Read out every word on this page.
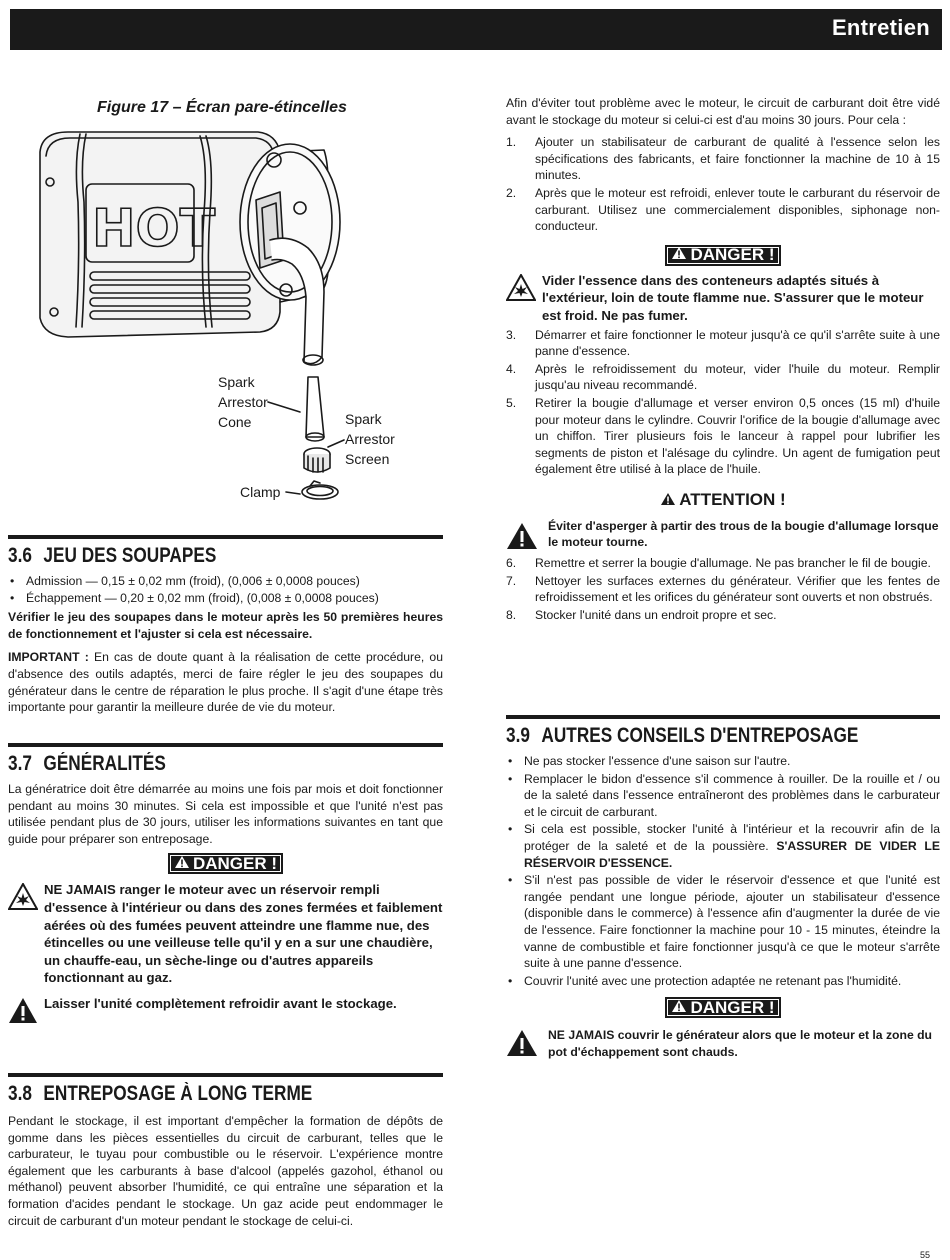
Entretien
Figure 17 – Écran pare-étincelles
HOT
Spark
Arrestor
Cone	Spark
Arrestor
Screen
Clamp
3.6 JEU DES SOUPAPES
• Admission — 0,15 ± 0,02 mm (froid), (0,006 ± 0,0008 pouces)
• Échappement — 0,20 ± 0,02 mm (froid), (0,008 ± 0,0008 pouces)

Vérifier le jeu des soupapes dans le moteur après les 50 premières heures de fonctionnement et l'ajuster si cela est nécessaire.

IMPORTANT : En cas de doute quant à la réalisation de cette procédure, ou d'absence des outils adaptés, merci de faire régler le jeu des soupapes du générateur dans le centre de réparation le plus proche. Il s'agit d'une étape très importante pour garantir la meilleure durée de vie du moteur.

3.7 GÉNÉRALITÉS

La génératrice doit être démarrée au moins une fois par mois et doit fonctionner pendant au moins 30 minutes. Si cela est impossible et que l'unité n'est pas utilisée pendant plus de 30 jours, utiliser les informations suivantes en tant que guide pour préparer son entreposage.

DANGER !
NE JAMAIS ranger le moteur avec un réservoir rempli d'essence à l'intérieur ou dans des zones fermées et faiblement aérées où des fumées peuvent atteindre une flamme nue, des étincelles ou une veilleuse telle qu'il y en a sur une chaudière, un chauffe-eau, un sèche-linge ou d'autres appareils fonctionnant au gaz.
Laisser l'unité complètement refroidir avant le stockage.
3.8 ENTREPOSAGE À LONG TERME

Pendant le stockage, il est important d'empêcher la formation de dépôts de gomme dans les pièces essentielles du circuit de carburant, telles que le carburateur, le tuyau pour combustible ou le réservoir. L'expérience montre également que les carburants à base d'alcool (appelés gazohol, éthanol ou méthanol) peuvent absorber l'humidité, ce qui entraîne une séparation et la formation d'acides pendant le stockage. Un gaz acide peut endommager le circuit de carburant d'un moteur pendant le stockage de celui-ci.

Afin d'éviter tout problème avec le moteur, le circuit de carburant doit être vidé avant le stockage du moteur si celui-ci est d'au moins 30 jours. Pour cela :

1. Ajouter un stabilisateur de carburant de qualité à l'essence selon les spécifications des fabricants, et faire fonctionner la machine de 10 à 15 minutes.
2. Après que le moteur est refroidi, enlever toute le carburant du réservoir de carburant. Utilisez une commercialement disponibles, siphonage non-conducteur.
DANGER !
Vider l'essence dans des conteneurs adaptés situés à l'extérieur, loin de toute flamme nue. S'assurer que le moteur est froid. Ne pas fumer.
3. Démarrer et faire fonctionner le moteur jusqu'à ce qu'il s'arrête suite à une panne d'essence.
4. Après le refroidissement du moteur, vider l'huile du moteur. Remplir jusqu'au niveau recommandé.
5. Retirer la bougie d'allumage et verser environ 0,5 onces (15 ml) d'huile pour moteur dans le cylindre. Couvrir l'orifice de la bougie d'allumage avec un chiffon. Tirer plusieurs fois le lanceur à rappel pour lubrifier les segments de piston et l'alésage du cylindre. Un agent de fumigation peut également être utilisé à la place de l'huile.
ATTENTION !
Éviter d'asperger à partir des trous de la bougie d'allumage lorsque le moteur tourne.
6. Remettre et serrer la bougie d'allumage. Ne pas brancher le fil de bougie.
7. Nettoyer les surfaces externes du générateur. Vérifier que les fentes de refroidissement et les orifices du générateur sont ouverts et non obstrués.
8. Stocker l'unité dans un endroit propre et sec.
3.9 AUTRES CONSEILS D'ENTREPOSAGE
• Ne pas stocker l'essence d'une saison sur l'autre.
• Remplacer le bidon d'essence s'il commence à rouiller. De la rouille et / ou de la saleté dans l'essence entraîneront des problèmes dans le carburateur et le circuit de carburant.
• Si cela est possible, stocker l'unité à l'intérieur et la recouvrir afin de la protéger de la saleté et de la poussière. S'ASSURER DE VIDER LE RÉSERVOIR D'ESSENCE.
• S'il n'est pas possible de vider le réservoir d'essence et que l'unité est rangée pendant une longue période, ajouter un stabilisateur d'essence (disponible dans le commerce) à l'essence afin d'augmenter la durée de vie de l'essence. Faire fonctionner la machine pour 10 - 15 minutes, éteindre la vanne de combustible et faire fonctionner jusqu'à ce que le moteur s'arrête suite à une panne d'essence.
• Couvrir l'unité avec une protection adaptée ne retenant pas l'humidité.
DANGER !
NE JAMAIS couvrir le générateur alors que le moteur et la zone du pot d'échappement sont chauds.
55
